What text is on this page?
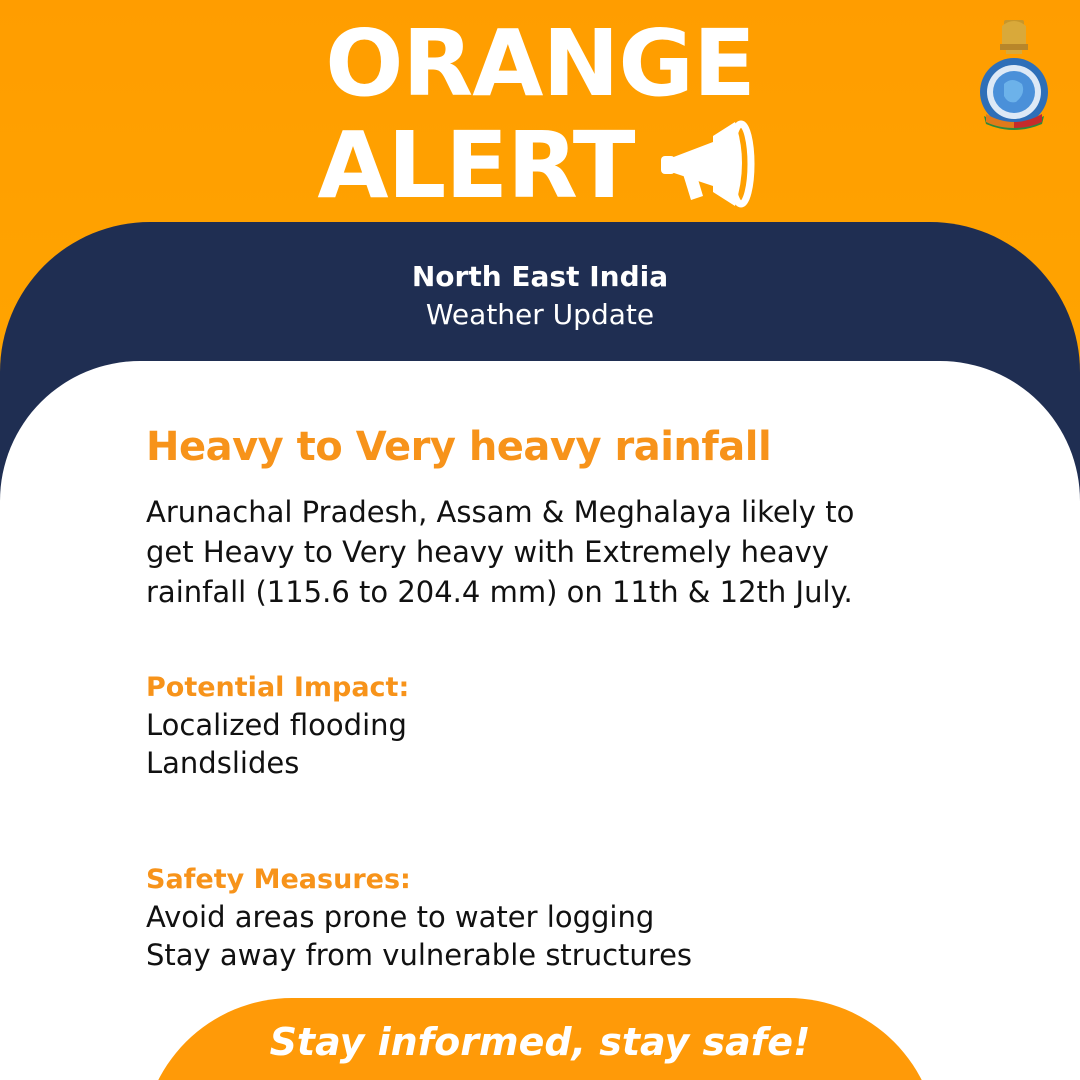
ORANGE
ALERT
North East India
Weather Update
Heavy to Very heavy rainfall
Arunachal Pradesh, Assam & Meghalaya likely to
get Heavy to Very heavy with Extremely heavy
rainfall (115.6 to 204.4 mm) on 11th & 12th July.
Potential Impact:
Localized flooding
Landslides
Safety Measures:
Avoid areas prone to water logging
Stay away from vulnerable structures
Stay informed, stay safe!
